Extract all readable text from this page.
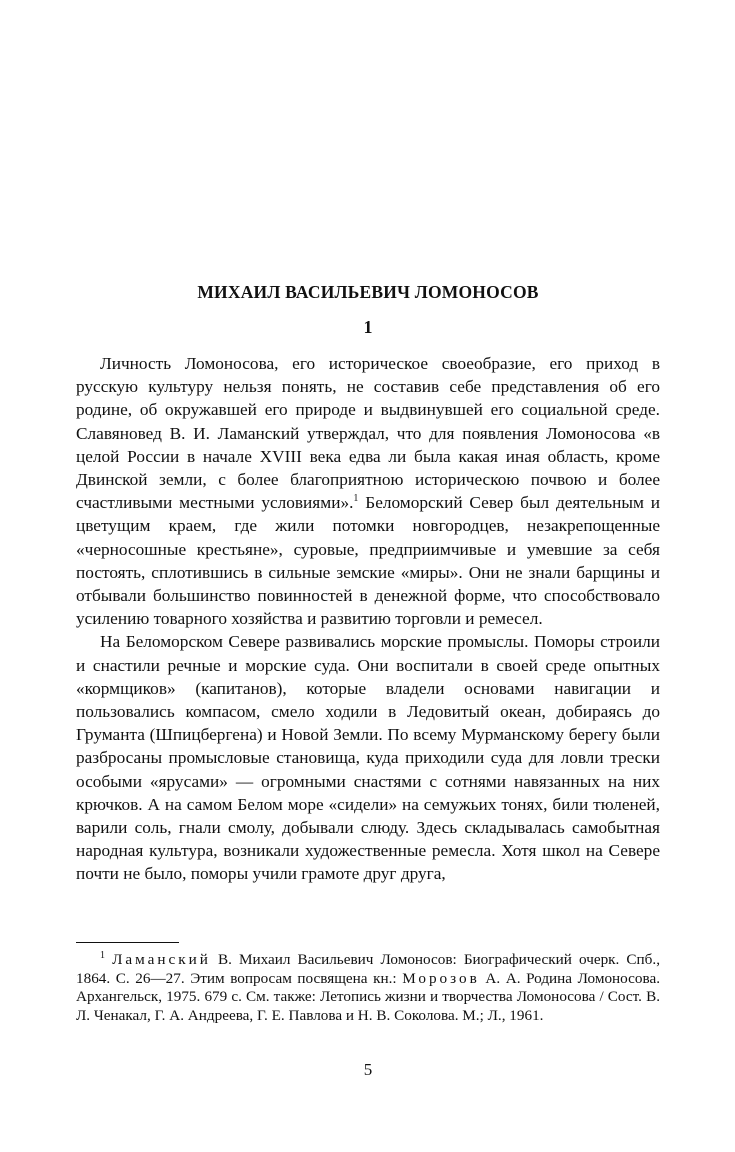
МИХАИЛ ВАСИЛЬЕВИЧ ЛОМОНОСОВ
1

Личность Ломоносова, его историческое своеобразие, его приход в русскую культуру нельзя понять, не составив себе представления об его родине, об окружавшей его природе и выдвинувшей его социальной среде. Славяновед В. И. Ламанский утверждал, что для появления Ломоносова «в целой России в начале XVIII века едва ли была какая иная область, кроме Двинской земли, с более благоприятною историческою почвою и более счастливыми местными условиями».$^1$ Беломорский Север был деятельным и цветущим краем, где жили потомки новгородцев, незакрепощенные «черносошные крестьяне», суровые, предприимчивые и умевшие за себя постоять, сплотившись в сильные земские «миры». Они не знали барщины и отбывали большинство повинностей в денежной форме, что способствовало усилению товарного хозяйства и развитию торговли и ремесел.

На Беломорском Севере развивались морские промыслы. Поморы строили и снастили речные и морские суда. Они воспитали в своей среде опытных «кормщиков» (капитанов), которые владели основами навигации и пользовались компасом, смело ходили в Ледовитый океан, добираясь до Груманта (Шпицбергена) и Новой Земли. По всему Мурманскому берегу были разбросаны промысловые становища, куда приходили суда для ловли трески особыми «ярусами» — огромными снастями с сотнями навязанных на них крючков. А на самом Белом море «сидели» на семужьих тонях, били тюленей, варили соль, гнали смолу, добывали слюду. Здесь складывалась самобытная народная культура, возникали художественные ремесла. Хотя школ на Севере почти не было, поморы учили грамоте друг друга,

$^1$ Ламанский В. Михаил Васильевич Ломоносов: Биографический очерк. Спб., 1864. С. 26—27. Этим вопросам посвящена кн.: Морозов А. А. Родина Ломоносова. Архангельск, 1975. 679 с. См. также: Летопись жизни и творчества Ломоносова / Сост. В. Л. Ченакал, Г. А. Андреева, Г. Е. Павлова и Н. В. Соколова. М.; Л., 1961.

5
